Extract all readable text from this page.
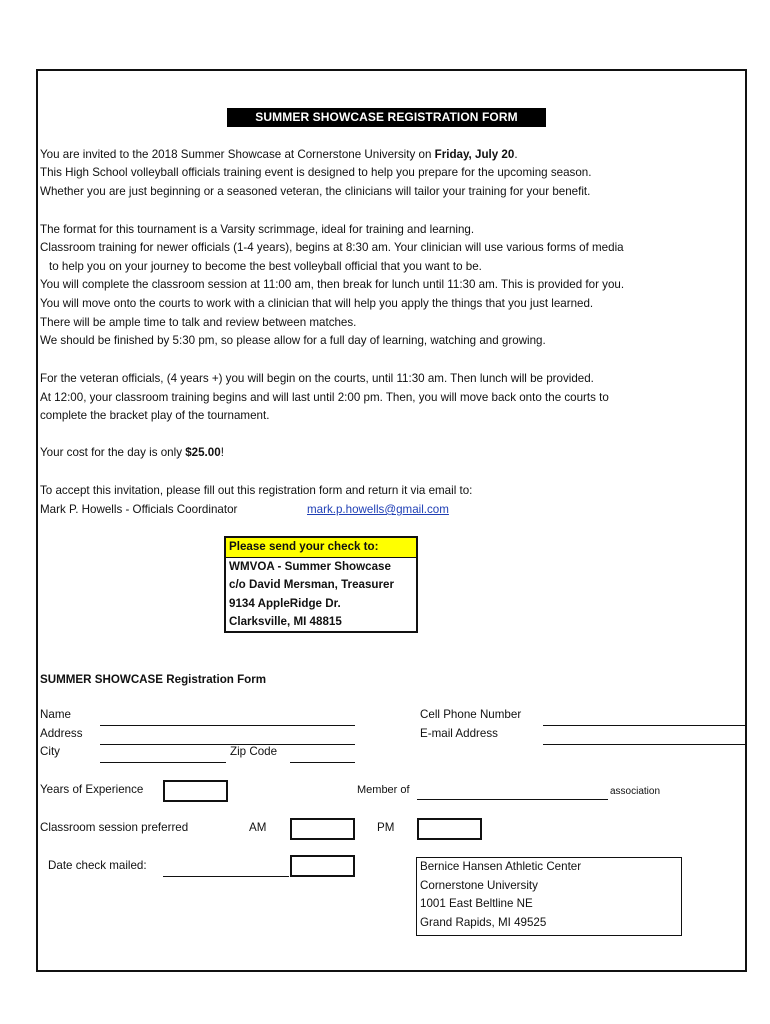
SUMMER SHOWCASE REGISTRATION FORM
You are invited to the 2018 Summer Showcase at Cornerstone University on Friday, July 20.
This High School volleyball officials training event is designed to help you prepare for the upcoming season.
Whether you are just beginning or a seasoned veteran, the clinicians will tailor your training for your benefit.
The format for this tournament is a Varsity scrimmage, ideal for training and learning.
Classroom training for newer officials (1-4 years), begins at 8:30 am. Your clinician will use various forms of media
to help you on your journey to become the best volleyball official that you want to be.
You will complete the classroom session at 11:00 am, then break for lunch until 11:30 am. This is provided for you.
You will move onto the courts to work with a clinician that will help you apply the things that you just learned.
There will be ample time to talk and review between matches.
We should be finished by 5:30 pm, so please allow for a full day of learning, watching and growing.
For the veteran officials, (4 years +) you will begin on the courts, until 11:30 am. Then lunch will be provided.
At 12:00, your classroom training begins and will last until 2:00 pm. Then, you will move back onto the courts to
complete the bracket play of the tournament.
Your cost for the day is only $25.00!
To accept this invitation, please fill out this registration form and return it via email to:
Mark P. Howells - Officials Coordinator	mark.p.howells@gmail.com
Please send your check to:
WMVOA - Summer Showcase
c/o David Mersman, Treasurer
9134 AppleRidge Dr.
Clarksville, MI 48815
SUMMER SHOWCASE Registration Form
Name
Address
City	Zip Code
Cell Phone Number
E-mail Address
Years of Experience	Member of	association
Classroom session preferred	AM	PM
Date check mailed:	Bernice Hansen Athletic Center
Cornerstone University
1001 East Beltline NE
Grand Rapids, MI 49525
